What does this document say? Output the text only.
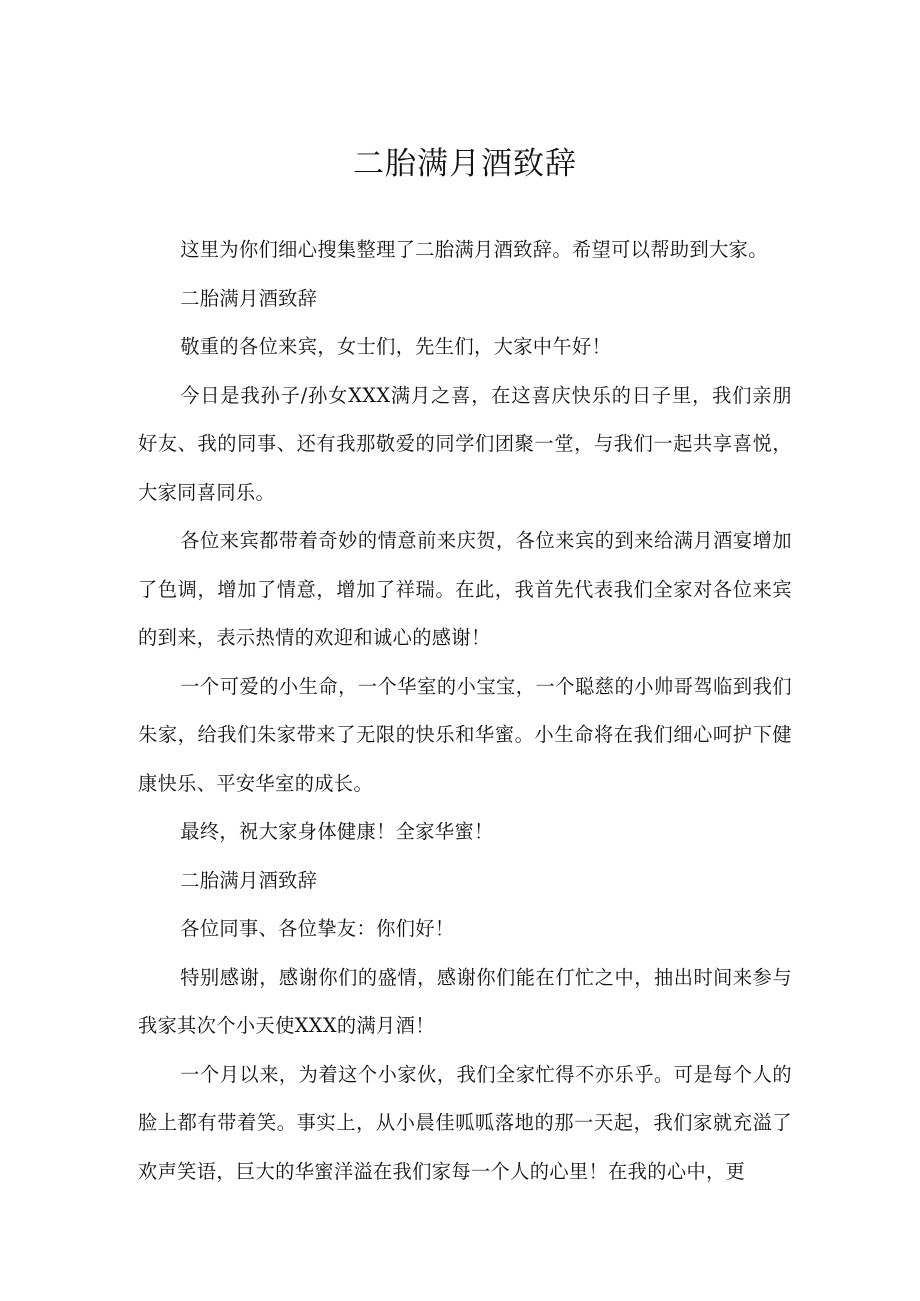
二胎满月酒致辞

这里为你们细心搜集整理了二胎满月酒致辞。希望可以帮助到大家。

二胎满月酒致辞

敬重的各位来宾，女士们，先生们，大家中午好！

今日是我孙子/孙女XXX满月之喜，在这喜庆快乐的日子里，我们亲朋好友、我的同事、还有我那敬爱的同学们团聚一堂，与我们一起共享喜悦，大家同喜同乐。

各位来宾都带着奇妙的情意前来庆贺，各位来宾的到来给满月酒宴增加了色调，增加了情意，增加了祥瑞。在此，我首先代表我们全家对各位来宾的到来，表示热情的欢迎和诚心的感谢！

一个可爱的小生命，一个华室的小宝宝，一个聪慈的小帅哥驾临到我们朱家，给我们朱家带来了无限的快乐和华蜜。小生命将在我们细心呵护下健康快乐、平安华室的成长。

最终，祝大家身体健康！全家华蜜！

二胎满月酒致辞

各位同事、各位挚友：你们好！

特别感谢，感谢你们的盛情，感谢你们能在仃忙之中，抽出时间来参与我家其次个小天使XXX的满月酒！

一个月以来，为着这个小家伙，我们全家忙得不亦乐乎。可是每个人的脸上都有带着笑。事实上，从小晨佳呱呱落地的那一天起，我们家就充溢了欢声笑语，巨大的华蜜洋溢在我们家每一个人的心里！在我的心中，更
